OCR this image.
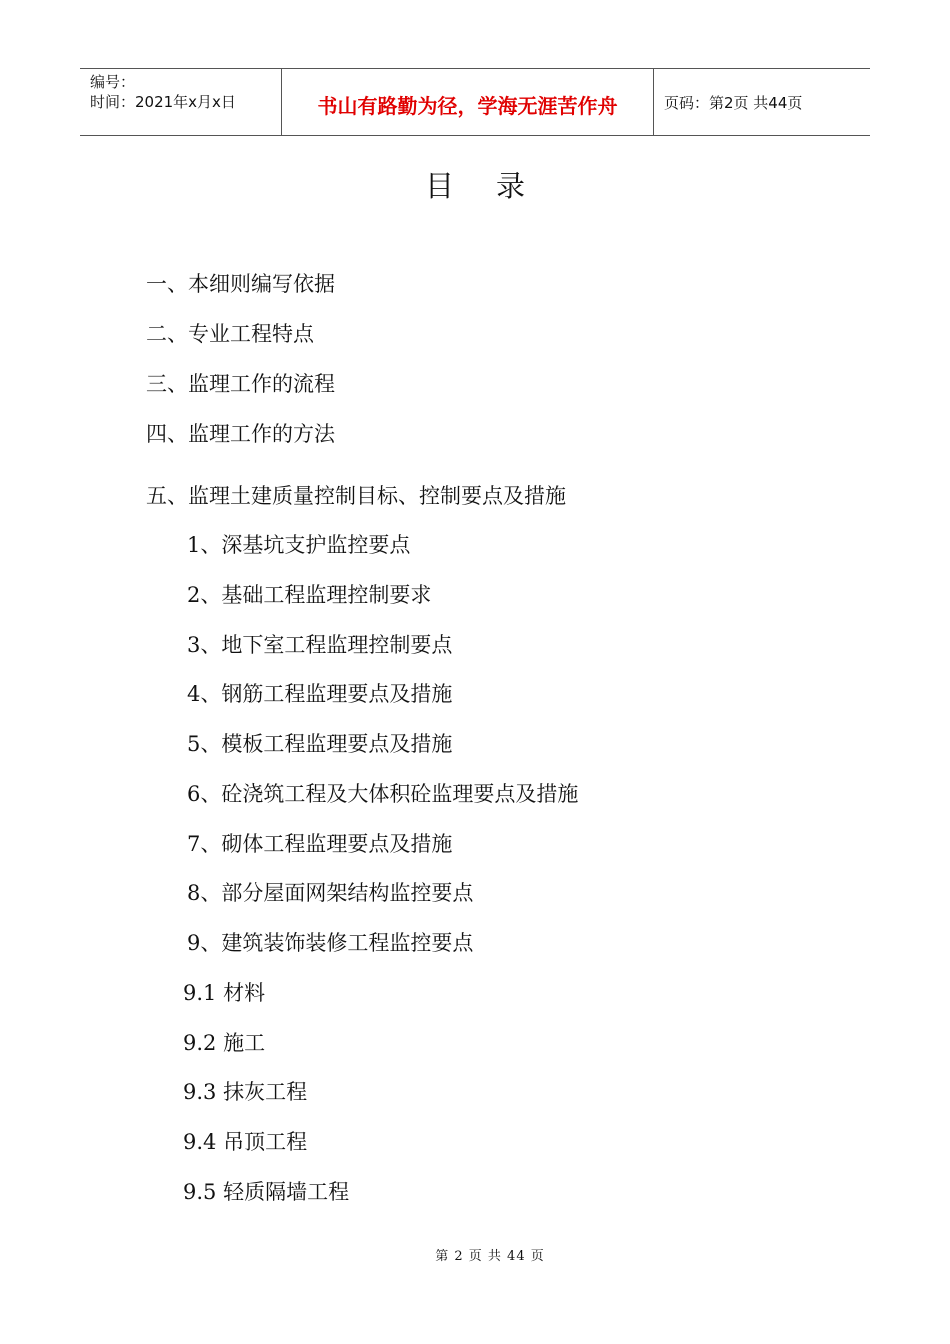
编号：
时间：2021年x月x日	书山有路勤为径，学海无涯苦作舟	页码：第2页 共44页
目录
一、本细则编写依据
二、专业工程特点
三、监理工作的流程
四、监理工作的方法
五、监理土建质量控制目标、控制要点及措施
1、深基坑支护监控要点
2、基础工程监理控制要求
3、地下室工程监理控制要点
4、钢筋工程监理要点及措施
5、模板工程监理要点及措施
6、砼浇筑工程及大体积砼监理要点及措施
7、砌体工程监理要点及措施
8、部分屋面网架结构监控要点
9、建筑装饰装修工程监控要点
9.1 材料
9.2 施工
9.3 抹灰工程
9.4 吊顶工程
9.5 轻质隔墙工程
第 2 页 共 44 页
